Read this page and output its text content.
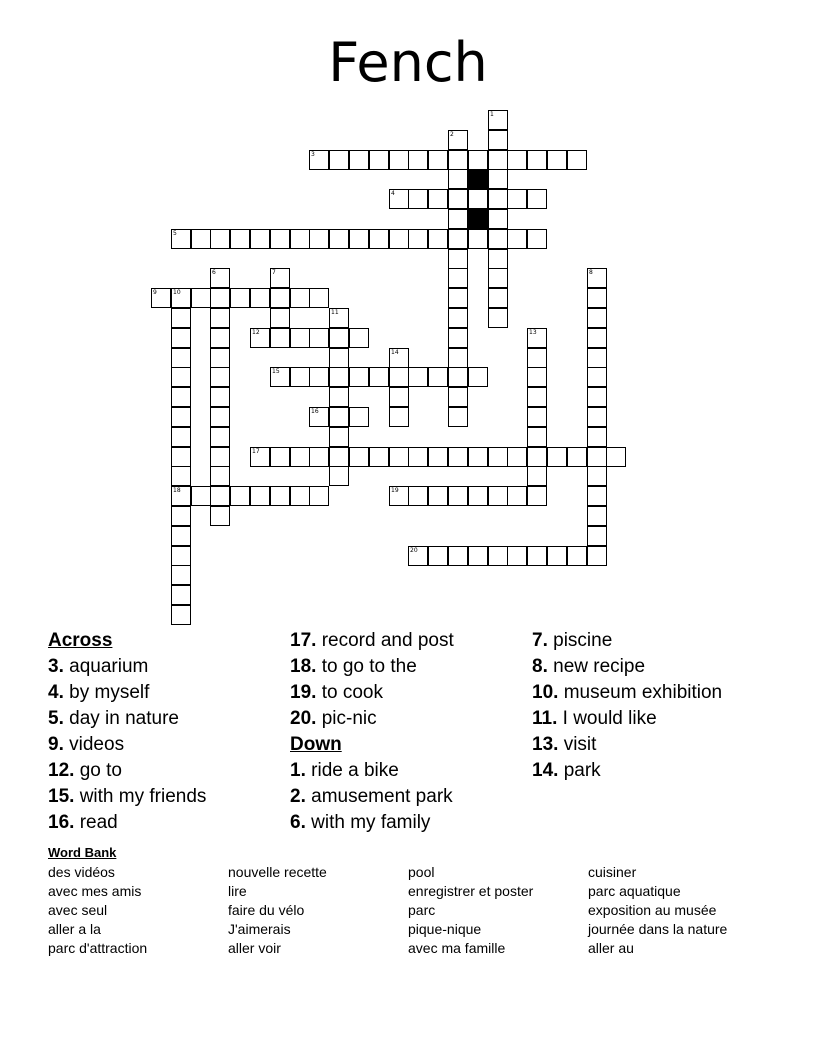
Fench
1
2
3
4
5
6	7	8
9	10
11
12	13
14
15
16
17
18	19
20
Across
3. aquarium
4. by myself
5. day in nature
9. videos
12. go to
15. with my friends
16. read
17. record and post
18. to go to the
19. to cook
20. pic-nic
Down
1. ride a bike
2. amusement park
6. with my family
7. piscine
8. new recipe
10. museum exhibition
11. I would like
13. visit
14. park
Word Bank
des vidéos
avec mes amis
avec seul
aller a la
parc d'attraction
nouvelle recette
lire
faire du vélo
J'aimerais
aller voir
pool
enregistrer et poster
parc
pique-nique
avec ma famille
cuisiner
parc aquatique
exposition au musée
journée dans la nature
aller au
